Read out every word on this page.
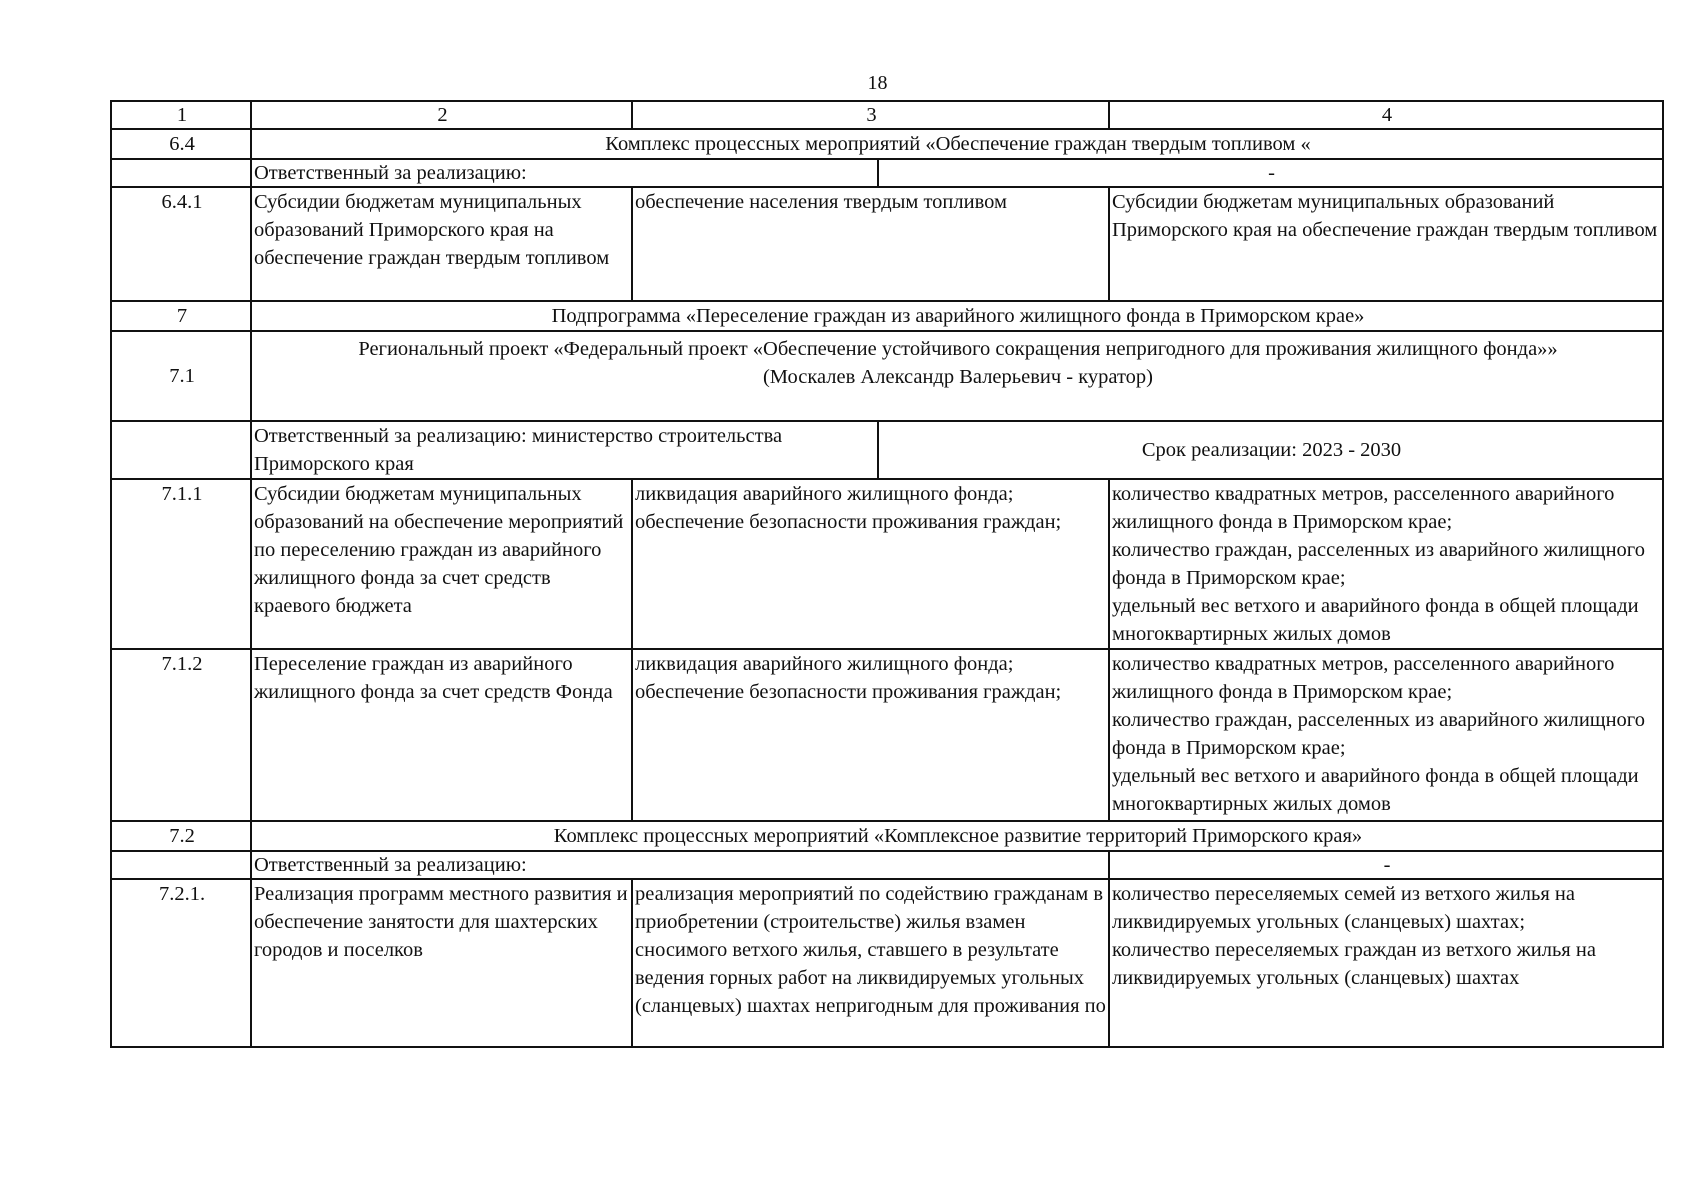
18
1	2	3		4
6.4	Комплекс процессных мероприятий «Обеспечение граждан твердым топливом «			
	Ответственный за реализацию:		-	
6.4.1	Субсидии бюджетам муниципальных образований Приморского края на обеспечение граждан твердым топливом	обеспечение населения твердым топливом		Субсидии бюджетам муниципальных образований Приморского края на обеспечение граждан твердым топливом
7	Подпрограмма «Переселение граждан из аварийного жилищного фонда в Приморском крае»			
7.1	Региональный проект «Федеральный проект «Обеспечение устойчивого сокращения непригодного для проживания жилищного фонда»»
(Москалев Александр Валерьевич - куратор)			

	Ответственный за реализацию: министерство строительства Приморского края		Срок реализации: 2023 - 2030	
7.1.1	Субсидии бюджетам муниципальных образований на обеспечение мероприятий по переселению граждан из аварийного жилищного фонда за счет средств краевого бюджета	ликвидация аварийного жилищного фонда;
обеспечение безопасности проживания граждан;		количество квадратных метров, расселенного аварийного жилищного фонда в Приморском крае;
количество граждан, расселенных из аварийного жилищного фонда в Приморском крае;
удельный вес ветхого и аварийного фонда в общей площади многоквартирных жилых домов
7.1.2	Переселение граждан из аварийного жилищного фонда за счет средств Фонда	ликвидация аварийного жилищного фонда;
обеспечение безопасности проживания граждан;		количество квадратных метров, расселенного аварийного жилищного фонда в Приморском крае;
количество граждан, расселенных из аварийного жилищного фонда в Приморском крае;
удельный вес ветхого и аварийного фонда в общей площади многоквартирных жилых домов
7.2	Комплекс процессных мероприятий «Комплексное развитие территорий Приморского края»			
	Ответственный за реализацию:			-
7.2.1.	Реализация программ местного развития и обеспечение занятости для шахтерских городов и поселков	реализация мероприятий по содействию гражданам в приобретении (строительстве) жилья взамен сносимого ветхого жилья, ставшего в результате ведения горных работ на ликвидируемых угольных (сланцевых) шахтах непригодным для проживания по		количество переселяемых семей из ветхого жилья на ликвидируемых угольных (сланцевых) шахтах;
количество переселяемых граждан из ветхого жилья на ликвидируемых угольных (сланцевых) шахтах
